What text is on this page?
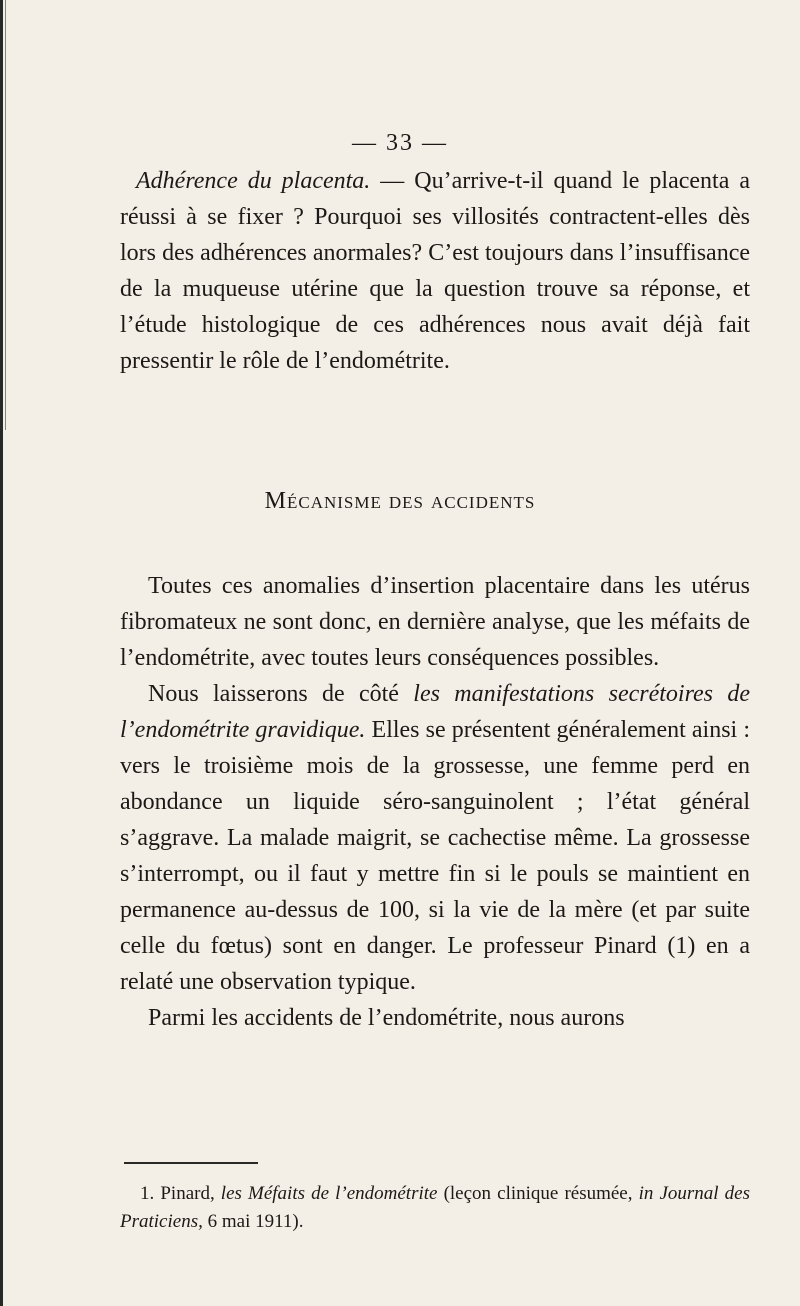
— 33 —

Adhérence du placenta. — Qu’arrive-t-il quand le placenta a réussi à se fixer ? Pourquoi ses villosités contractent-elles dès lors des adhérences anormales? C’est toujours dans l’insuffisance de la muqueuse utérine que la question trouve sa réponse, et l’étude histologique de ces adhérences nous avait déjà fait pressentir le rôle de l’endométrite.

Mécanisme des accidents

Toutes ces anomalies d’insertion placentaire dans les utérus fibromateux ne sont donc, en dernière analyse, que les méfaits de l’endométrite, avec toutes leurs conséquences possibles.

Nous laisserons de côté les manifestations secrétoires de l’endométrite gravidique. Elles se présentent généralement ainsi : vers le troisième mois de la grossesse, une femme perd en abondance un liquide séro-sanguinolent ; l’état général s’aggrave. La malade maigrit, se cachectise même. La grossesse s’interrompt, ou il faut y mettre fin si le pouls se maintient en permanence au-dessus de 100, si la vie de la mère (et par suite celle du fœtus) sont en danger. Le professeur Pinard (1) en a relaté une observation typique.

Parmi les accidents de l’endométrite, nous aurons

1. Pinard, les Méfaits de l’endométrite (leçon clinique résumée, in Journal des Praticiens, 6 mai 1911).
